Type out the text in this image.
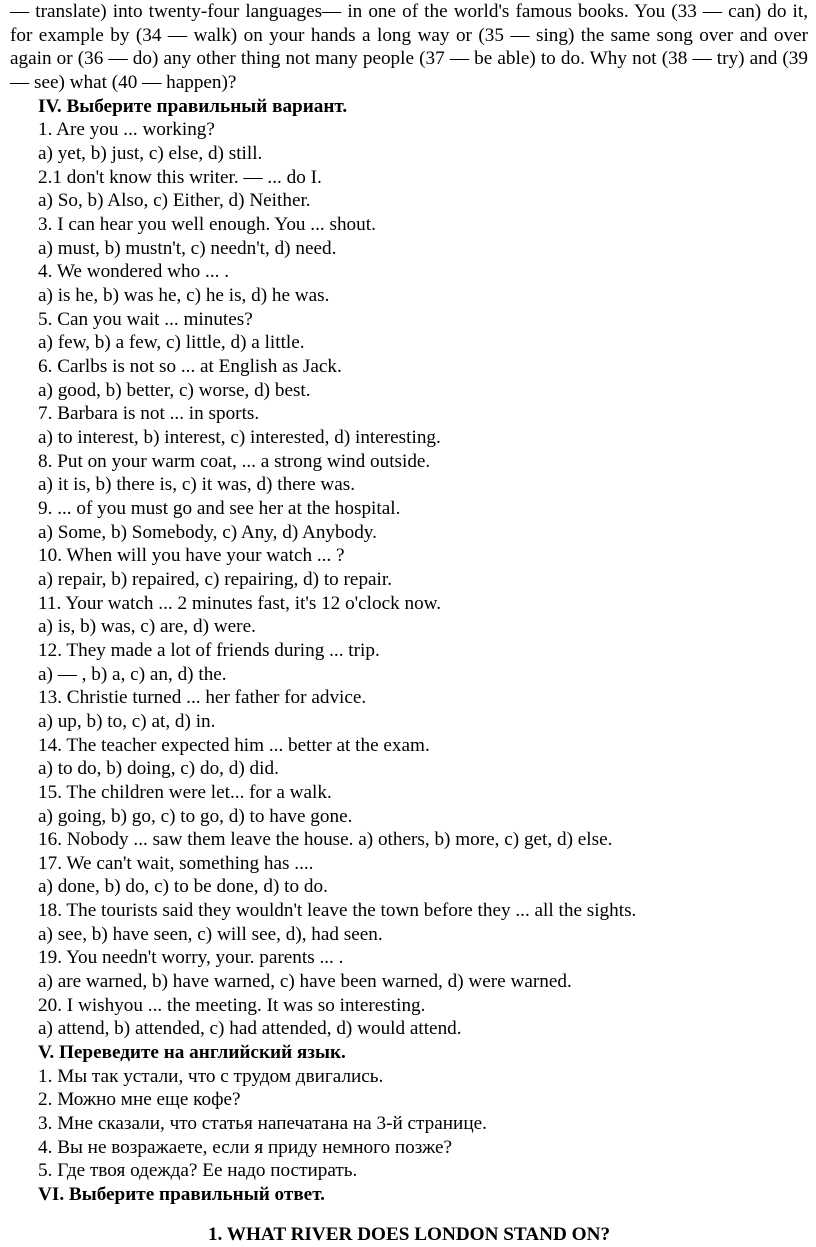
— translate) into twenty-four languages— in one of the world's famous books. You (33 — can) do it, for example by (34 — walk) on your hands a long way or (35 — sing) the same song over and over again or (36 — do) any other thing not many people (37 — be able) to do. Why not (38 — try) and (39 — see) what (40 — happen)?

IV. Выберите правильный вариант.
1. Are you ... working?
a) yet, b) just, c) else, d) still.
2.1 don't know this writer. — ... do I.
a) So, b) Also, c) Either, d) Neither.
3. I can hear you well enough. You ... shout.
a) must, b) mustn't, c) needn't, d) need.
4. We wondered who ... .
a) is he, b) was he, c) he is, d) he was.
5. Can you wait ... minutes?
a) few, b) a few, c) little, d) a little.
6. Carlbs is not so ... at English as Jack.
a) good, b) better, c) worse, d) best.
7. Barbara is not ... in sports.
a) to interest, b) interest, c) interested, d) interesting.
8. Put on your warm coat, ... a strong wind outside.
a) it is, b) there is, c) it was, d) there was.
9. ... of you must go and see her at the hospital.
a) Some, b) Somebody, c) Any, d) Anybody.
10. When will you have your watch ... ?
a) repair, b) repaired, c) repairing, d) to repair.
11. Your watch ... 2 minutes fast, it's 12 o'clock now.
a) is, b) was, c) are, d) were.
12. They made a lot of friends during ... trip.
a) — , b) a, c) an, d) the.
13. Christie turned ... her father for advice.
a) up, b) to, c) at, d) in.
14. The teacher expected him ... better at the exam.
a) to do, b) doing, c) do, d) did.
15. The children were let... for a walk.
a) going, b) go, c) to go, d) to have gone.
16. Nobody ... saw them leave the house. a) others, b) more, c) get, d) else.
17. We can't wait, something has ....
a) done, b) do, c) to be done, d) to do.
18. The tourists said they wouldn't leave the town before they ... all the sights.
a) see, b) have seen, c) will see, d), had seen.
19. You needn't worry, your. parents ... .
a) are warned, b) have warned, c) have been warned, d) were warned.
20. I wishyou ... the meeting. It was so interesting.
a) attend, b) attended, c) had attended, d) would attend.
V. Переведите на английский язык.
1. Мы так устали, что с трудом двигались.
2. Можно мне еще кофе?
3. Мне сказали, что статья напечатана на 3-й странице.
4. Вы не возражаете, если я приду немного позже?
5. Где твоя одежда? Ее надо постирать.
VI. Выберите правильный ответ.
1. WHAT RIVER DOES LONDON STAND ON?
